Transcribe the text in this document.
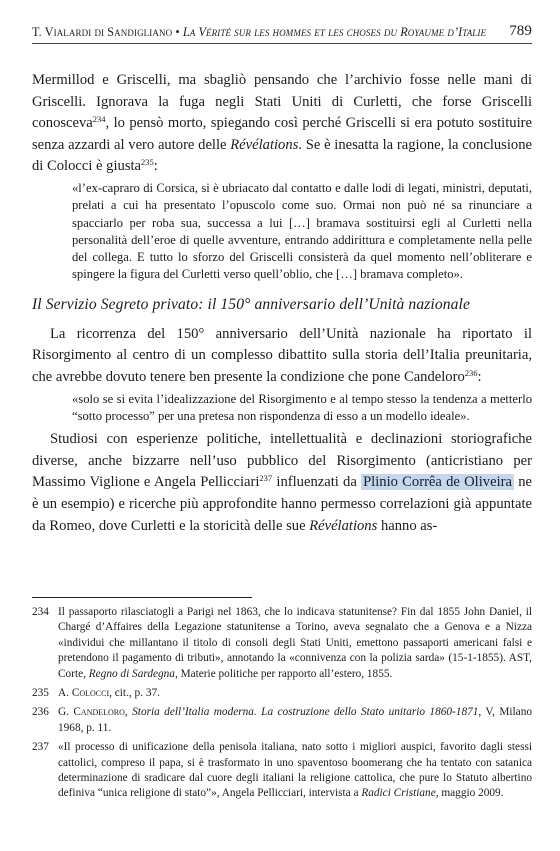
T. Vialardi di Sandigliano • La Vérité sur les hommes et les choses du Royaume d’Italie 789

Mermillod e Griscelli, ma sbagliò pensando che l’archivio fosse nelle mani di Griscelli. Ignorava la fuga negli Stati Uniti di Curletti, che forse Griscelli conosceva$^{234}$, lo pensò morto, spiegando così perché Griscelli si era potuto sostituire senza azzardi al vero autore delle Révélations. Se è inesatta la ragione, la conclusione di Colocci è giusta$^{235}$:

«l’ex-capraro di Corsica, si è ubriacato dal contatto e dalle lodi di legati, ministri, deputati, prelati a cui ha presentato l’opuscolo come suo. Ormai non può né sa rinunciare a spacciarlo per roba sua, successa a lui […] bramava sostituirsi egli al Curletti nella personalità dell’eroe di quelle avventure, entrando addirittura e completamente nella pelle del collega. E tutto lo sforzo del Griscelli consisterà da quel momento nell’obliterare e spingere la figura del Curletti verso quell’oblio, che […] bramava completo».
Il Servizio Segreto privato: il 150° anniversario dell’Unità nazionale

La ricorrenza del 150° anniversario dell’Unità nazionale ha riportato il Risorgimento al centro di un complesso dibattito sulla storia dell’Italia preunitaria, che avrebbe dovuto tenere ben presente la condizione che pone Candeloro$^{236}$:

«solo se si evita l’idealizzazione del Risorgimento e al tempo stesso la tendenza a metterlo “sotto processo” per una pretesa non rispondenza di esso a un modello ideale».

Studiosi con esperienze politiche, intellettualità e declinazioni storiografiche diverse, anche bizzarre nell’uso pubblico del Risorgimento (anticristiano per Massimo Viglione e Angela Pellicciari$^{237}$ influenzati da Plinio Corrêa de Oliveira ne è un esempio) e ricerche più approfondite hanno permesso correlazioni già appuntate da Romeo, dove Curletti e la storicità delle sue Révélations hanno as-

234 Il passaporto rilasciatogli a Parigi nel 1863, che lo indicava statunitense? Fin dal 1855 John Daniel, il Chargé d’Affaires della Legazione statunitense a Torino, aveva segnalato che a Genova e a Nizza «individui che millantano il titolo di consoli degli Stati Uniti, emettono passaporti americani falsi e pretendono il pagamento di tributi», annotando la «connivenza con la polizia sarda» (15-1-1855). AST, Corte, Regno di Sardegna, Materie politiche per rapporto all’estero, 1855.
235 A. Colocci, cit., p. 37.
236 G. Candeloro, Storia dell’Italia moderna. La costruzione dello Stato unitario 1860-1871, V, Milano 1968, p. 11.
237 «Il processo di unificazione della penisola italiana, nato sotto i migliori auspici, favorito dagli stessi cattolici, compreso il papa, si è trasformato in uno spaventoso boomerang che ha tentato con satanica determinazione di sradicare dal cuore degli italiani la religione cattolica, che pure lo Statuto albertino definiva “unica religione di stato”», Angela Pellicciari, intervista a Radici Cristiane, maggio 2009.
